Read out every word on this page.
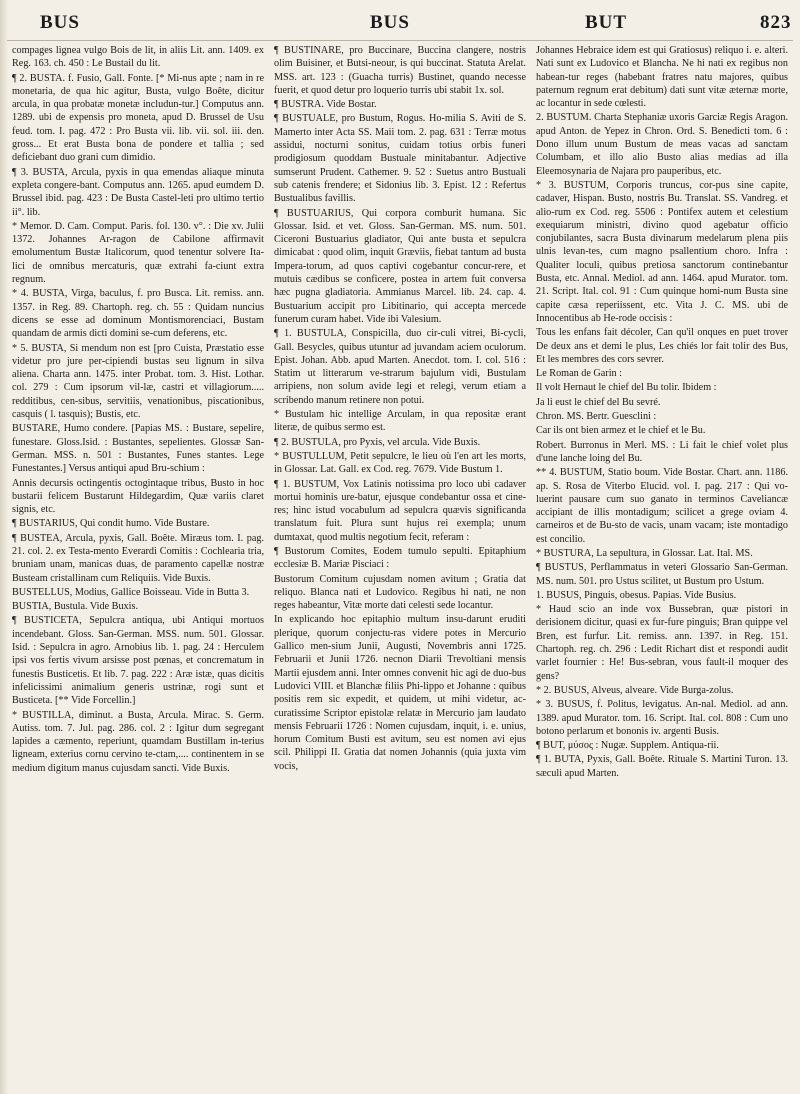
BUS	BUS	BUT	823

compages lignea vulgo Bois de lit, in aliis Lit. ann. 1409. ex Reg. 163. ch. 450 : Le Bustail du lit.

¶ 2. BUSTA. f. Fusio, Gall. Fonte. [* Mi-nus apte ; nam in re monetaria, de qua hic agitur, Busta, vulgo Boête, dicitur arcula, in qua probatæ monetæ includun-tur.] Computus ann. 1289. ubi de expensis pro moneta, apud D. Brussel de Usu feud. tom. I. pag. 472 : Pro Busta vii. lib. vii. sol. iii. den. gross... Et erat Busta bona de pondere et tallia ; sed deficiebant duo grani cum dimidio.

¶ 3. BUSTA, Arcula, pyxis in qua emendas aliaque minuta expleta congere-bant. Computus ann. 1265. apud eumdem D. Brussel ibid. pag. 423 : De Busta Castel-leti pro ultimo tertio ii°. lib.

* Memor. D. Cam. Comput. Paris. fol. 130. v°. : Die xv. Julii 1372. Johannes Ar-ragon de Cabilone affirmavit emolumentum Bustæ Italicorum, quod tenentur solvere Ita-lici de omnibus mercaturis, quæ extrahi fa-ciunt extra regnum.

* 4. BUSTA, Virga, baculus, f. pro Busca. Lit. remiss. ann. 1357. in Reg. 89. Chartoph. reg. ch. 55 : Quidam nuncius dicens se esse ad dominum Montismorenciaci, Bustam quandam de armis dicti domini se-cum deferens, etc.

* 5. BUSTA, Si mendum non est [pro Cuista, Præstatio esse videtur pro jure per-cipiendi bustas seu lignum in silva aliena. Charta ann. 1475. inter Probat. tom. 3. Hist. Lothar. col. 279 : Cum ipsorum vil-læ, castri et villagiorum..... redditibus, cen-sibus, servitiis, venationibus, piscationibus, casquis ( l. tasquis); Bustis, etc.

BUSTARE, Humo condere. [Papias MS. : Bustare, sepelire, funestare. Gloss.Isid. : Bustantes, sepelientes. Glossæ San-German. MSS. n. 501 : Bustantes, Funes stantes. Lege Funestantes.] Versus antiqui apud Bru-schium :

Annis decursis octingentis octogintaque tribus, Busto in hoc bustarii felicem Bustarunt Hildegardim, Quæ variis claret signis, etc.

¶ BUSTARIUS, Qui condit humo. Vide Bustare.

¶ BUSTEA, Arcula, pyxis, Gall. Boête. Miræus tom. I. pag. 21. col. 2. ex Testa-mento Everardi Comitis : Cochlearia tria, bruniam unam, manicas duas, de paramento capellæ nostræ Busteam cristallinam cum Reliquiis. Vide Buxis.

BUSTELLUS, Modius, Gallice Boisseau. Vide in Butta 3.

BUSTIA, Bustula. Vide Buxis.

¶ BUSTICETA, Sepulcra antiqua, ubi Antiqui mortuos incendebant. Gloss. San-German. MSS. num. 501. Glossar. Isid. : Sepulcra in agro. Arnobius lib. 1. pag. 24 : Herculem ipsi vos fertis vivum arsisse post pœnas, et concrematum in funestis Busticetis. Et lib. 7. pag. 222 : Aræ istæ, quas dicitis infelicissimi animalium generis ustrinæ, rogi sunt et Busticeta. [** Vide Forcellin.]

* BUSTILLA, diminut. a Busta, Arcula. Mirac. S. Germ. Autiss. tom. 7. Jul. pag. 286. col. 2 : Igitur dum segregant lapides a cæmento, reperiunt, quamdam Bustillam in-terius ligneam, exterius cornu cervino te-ctam,.... continentem in se medium digitum manus cujusdam sancti. Vide Buxis.

¶ BUSTINARE, pro Buccinare, Buccina clangere, nostris olim Buisiner, et Butsi-neour, is qui buccinat. Statuta Arelat. MSS. art. 123 : (Guacha turris) Bustinet, quando necesse fuerit, et quod detur pro loquerio turris ubi stabit 1x. sol.

¶ BUSTRA. Vide Bostar.

¶ BUSTUALE, pro Bustum, Rogus. Ho-milia S. Aviti de S. Mamerto inter Acta SS. Maii tom. 2. pag. 631 : Terræ motus assidui, nocturni sonitus, cuidam totius orbis funeri prodigiosum quoddam Bustuale minitabantur. Adjective sumserunt Prudent. Cathemer. 9. 52 : Suetus antro Bustuali sub catenis frendere; et Sidonius lib. 3. Epist. 12 : Refertus Bustualibus favillis.

¶ BUSTUARIUS, Qui corpora comburit humana. Sic Glossar. Isid. et vet. Gloss. San-German. MS. num. 501. Ciceroni Bustuarius gladiator, Qui ante busta et sepulcra dimicabat : quod olim, inquit Græviis, fiebat tantum ad busta Impera-torum, ad quos captivi cogebantur concur-rere, et mutuis cædibus se conficere, postea in artem fuit conversa hæc pugna gladiatoria. Ammianus Marcel. lib. 24. cap. 4. Bustuarium accipit pro Libitinario, qui accepta mercede funerum curam habet. Vide ibi Valesium.

¶ 1. BUSTULA, Conspicilla, duo cir-culi vitrei, Bi-cycli, Gall. Besycles, quibus utuntur ad juvandam aciem oculorum. Epist. Johan. Abb. apud Marten. Anecdot. tom. I. col. 516 : Statim ut litterarum ve-strarum bajulum vidi, Bustulam arripiens, non solum avide legi et relegi, verum etiam a scribendo manum retinere non potui.

* Bustulam hic intellige Arculam, in qua repositæ erant literæ, de quibus sermo est.

¶ 2. BUSTULA, pro Pyxis, vel arcula. Vide Buxis.

* BUSTULLUM, Petit sepulcre, le lieu où l'en art les morts, in Glossar. Lat. Gall. ex Cod. reg. 7679. Vide Bustum 1.

¶ 1. BUSTUM, Vox Latinis notissima pro loco ubi cadaver mortui hominis ure-batur, ejusque condebantur ossa et cine-res; hinc istud vocabulum ad sepulcra quævis significanda translatum fuit. Plura sunt hujus rei exempla; unum dumtaxat, quod multis negotium fecit, referam :

¶ Bustorum Comites, Eodem tumulo sepulti. Epitaphium ecclesiæ B. Mariæ Pisciaci :

Bustorum Comitum cujusdam nomen avitum ; Gratia dat reliquo. Blanca nati et Ludovico. Regibus hi nati, ne non reges habeantur, Vitæ morte dati celesti sede locantur.

In explicando hoc epitaphio multum insu-darunt eruditi plerique, quorum conjectu-ras videre potes in Mercurio Gallico men-sium Junii, Augusti, Novembris anni 1725. Februarii et Junii 1726. necnon Diarii Trevoltiani mensis Martii ejusdem anni. Inter omnes convenit hic agi de duo-bus Ludovici VIII. et Blanchæ filiis Phi-lippo et Johanne : quibus positis rem sic expedit, et quidem, ut mihi videtur, ac-curatissime Scriptor epistolæ relatæ in Mercurio jam laudato mensis Februarii 1726 : Nomen cujusdam, inquit, i. e. unius, horum Comitum Busti est avitum, seu est nomen avi ejus scil. Philippi II. Gratia dat nomen Johannis (quia juxta vim vocis,

Johannes Hebraice idem est qui Gratiosus) reliquo i. e. alteri. Nati sunt ex Ludovico et Blancha. Ne hi nati ex regibus non habean-tur reges (habebant fratres natu majores, quibus paternum regnum erat debitum) dati sunt vitæ æternæ morte, ac locantur in sede cœlesti.

2. BUSTUM. Charta Stephaniæ uxoris Garciæ Regis Aragon. apud Anton. de Yepez in Chron. Ord. S. Benedicti tom. 6 : Dono illum unum Bustum de meas vacas ad sanctam Columbam, et illo alio Busto alias medias ad illa Eleemosynaria de Najara pro pauperibus, etc.

* 3. BUSTUM, Corporis truncus, cor-pus sine capite, cadaver, Hispan. Busto, nostris Bu. Translat. SS. Vandreg. et alio-rum ex Cod. reg. 5506 : Pontifex autem et celestium exequiarum ministri, divino quod agebatur officio conjubilantes, sacra Busta divinarum medelarum plena piis ulnis levan-tes, cum magno psallentium choro. Infra : Qualiter loculi, quibus pretiosa sanctorum continebantur Busta, etc. Annal. Mediol. ad ann. 1464. apud Murator. tom. 21. Script. Ital. col. 91 : Cum quinque homi-num Busta sine capite cæsa reperiissent, etc. Vita J. C. MS. ubi de Innocentibus ab He-rode occisis :

Tous les enfans fait décoler, Can qu'il onques en puet trover De deux ans et demi le plus, Les chiés lor fait tolir des Bus, Et les membres des cors sevrer.

Le Roman de Garin :

Il volt Hernaut le chief del Bu tolir. Ibidem :

Ja li eust le chief del Bu sevré.

Chron. MS. Bertr. Guesclini :

Car ils ont bien armez et le chief et le Bu.

Robert. Burronus in Merl. MS. : Li fait le chief volet plus d'une lanche loing del Bu.

** 4. BUSTUM, Statio boum. Vide Bostar. Chart. ann. 1186. ap. S. Rosa de Viterbo Elucid. vol. I. pag. 217 : Qui vo-luerint pausare cum suo ganato in terminos Caveliancæ accipiant de illis montadigum; scilicet a grege oviam 4. carneiros et de Bu-sto de vacis, unam vacam; iste montadigo est concilio.

* BUSTURA, La sepultura, in Glossar. Lat. Ital. MS.

¶ BUSTUS, Perflammatus in veteri Glossario San-German. MS. num. 501. pro Ustus scilitet, ut Bustum pro Ustum.

1. BUSUS, Pinguis, obesus. Papias. Vide Busius.

* Haud scio an inde vox Bussebran, quæ pistori in derisionem dicitur, quasi ex fur-fure pinguis; Bran quippe vel Bren, est furfur. Lit. remiss. ann. 1397. in Reg. 151. Chartoph. reg. ch. 296 : Ledit Richart dist et respondi audit varlet fournier : He! Bus-sebran, vous fault-il moquer des gens?

* 2. BUSUS, Alveus, alveare. Vide Burga-zolus.

* 3. BUSUS, f. Politus, levigatus. An-nal. Mediol. ad ann. 1389. apud Murator. tom. 16. Script. Ital. col. 808 : Cum uno botono perlarum et bononis iv. argenti Busis.

¶ BUT, μύσος : Nugæ. Supplem. Antiqua-rii.

¶ 1. BUTA, Pyxis, Gall. Boête. Rituale S. Martini Turon. 13. sæculi apud Marten.
